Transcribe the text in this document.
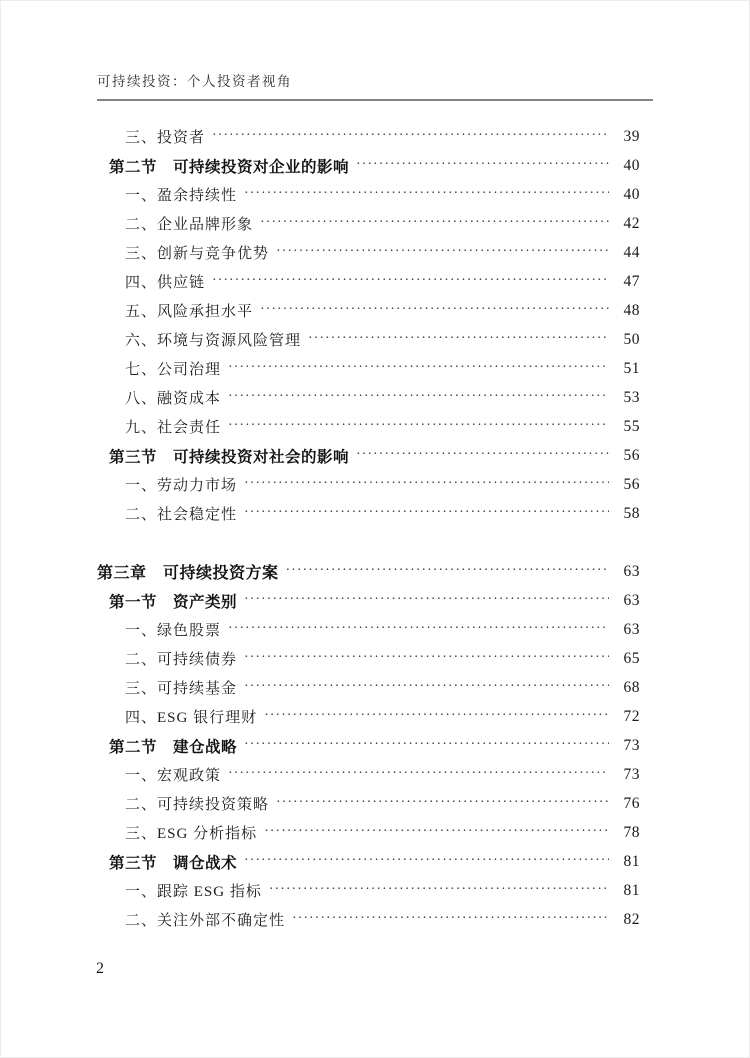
可持续投资：个人投资者视角
三、投资者 ·····	39
第二节　可持续投资对企业的影响 ·····	40
一、盈余持续性 ·····	40
二、企业品牌形象 ·····	42
三、创新与竞争优势 ·····	44
四、供应链 ·····	47
五、风险承担水平 ·····	48
六、环境与资源风险管理 ·····	50
七、公司治理 ·····	51
八、融资成本 ·····	53
九、社会责任 ·····	55
第三节　可持续投资对社会的影响 ·····	56
一、劳动力市场 ·····	56
二、社会稳定性 ·····	58
第三章　可持续投资方案 ·····	63
第一节　资产类别 ·····	63
一、绿色股票 ·····	63
二、可持续债券 ·····	65
三、可持续基金 ·····	68
四、ESG 银行理财 ·····	72
第二节　建仓战略 ·····	73
一、宏观政策 ·····	73
二、可持续投资策略 ·····	76
三、ESG 分析指标 ·····	78
第三节　调仓战术 ·····	81
一、跟踪 ESG 指标 ·····	81
二、关注外部不确定性 ·····	82
2
